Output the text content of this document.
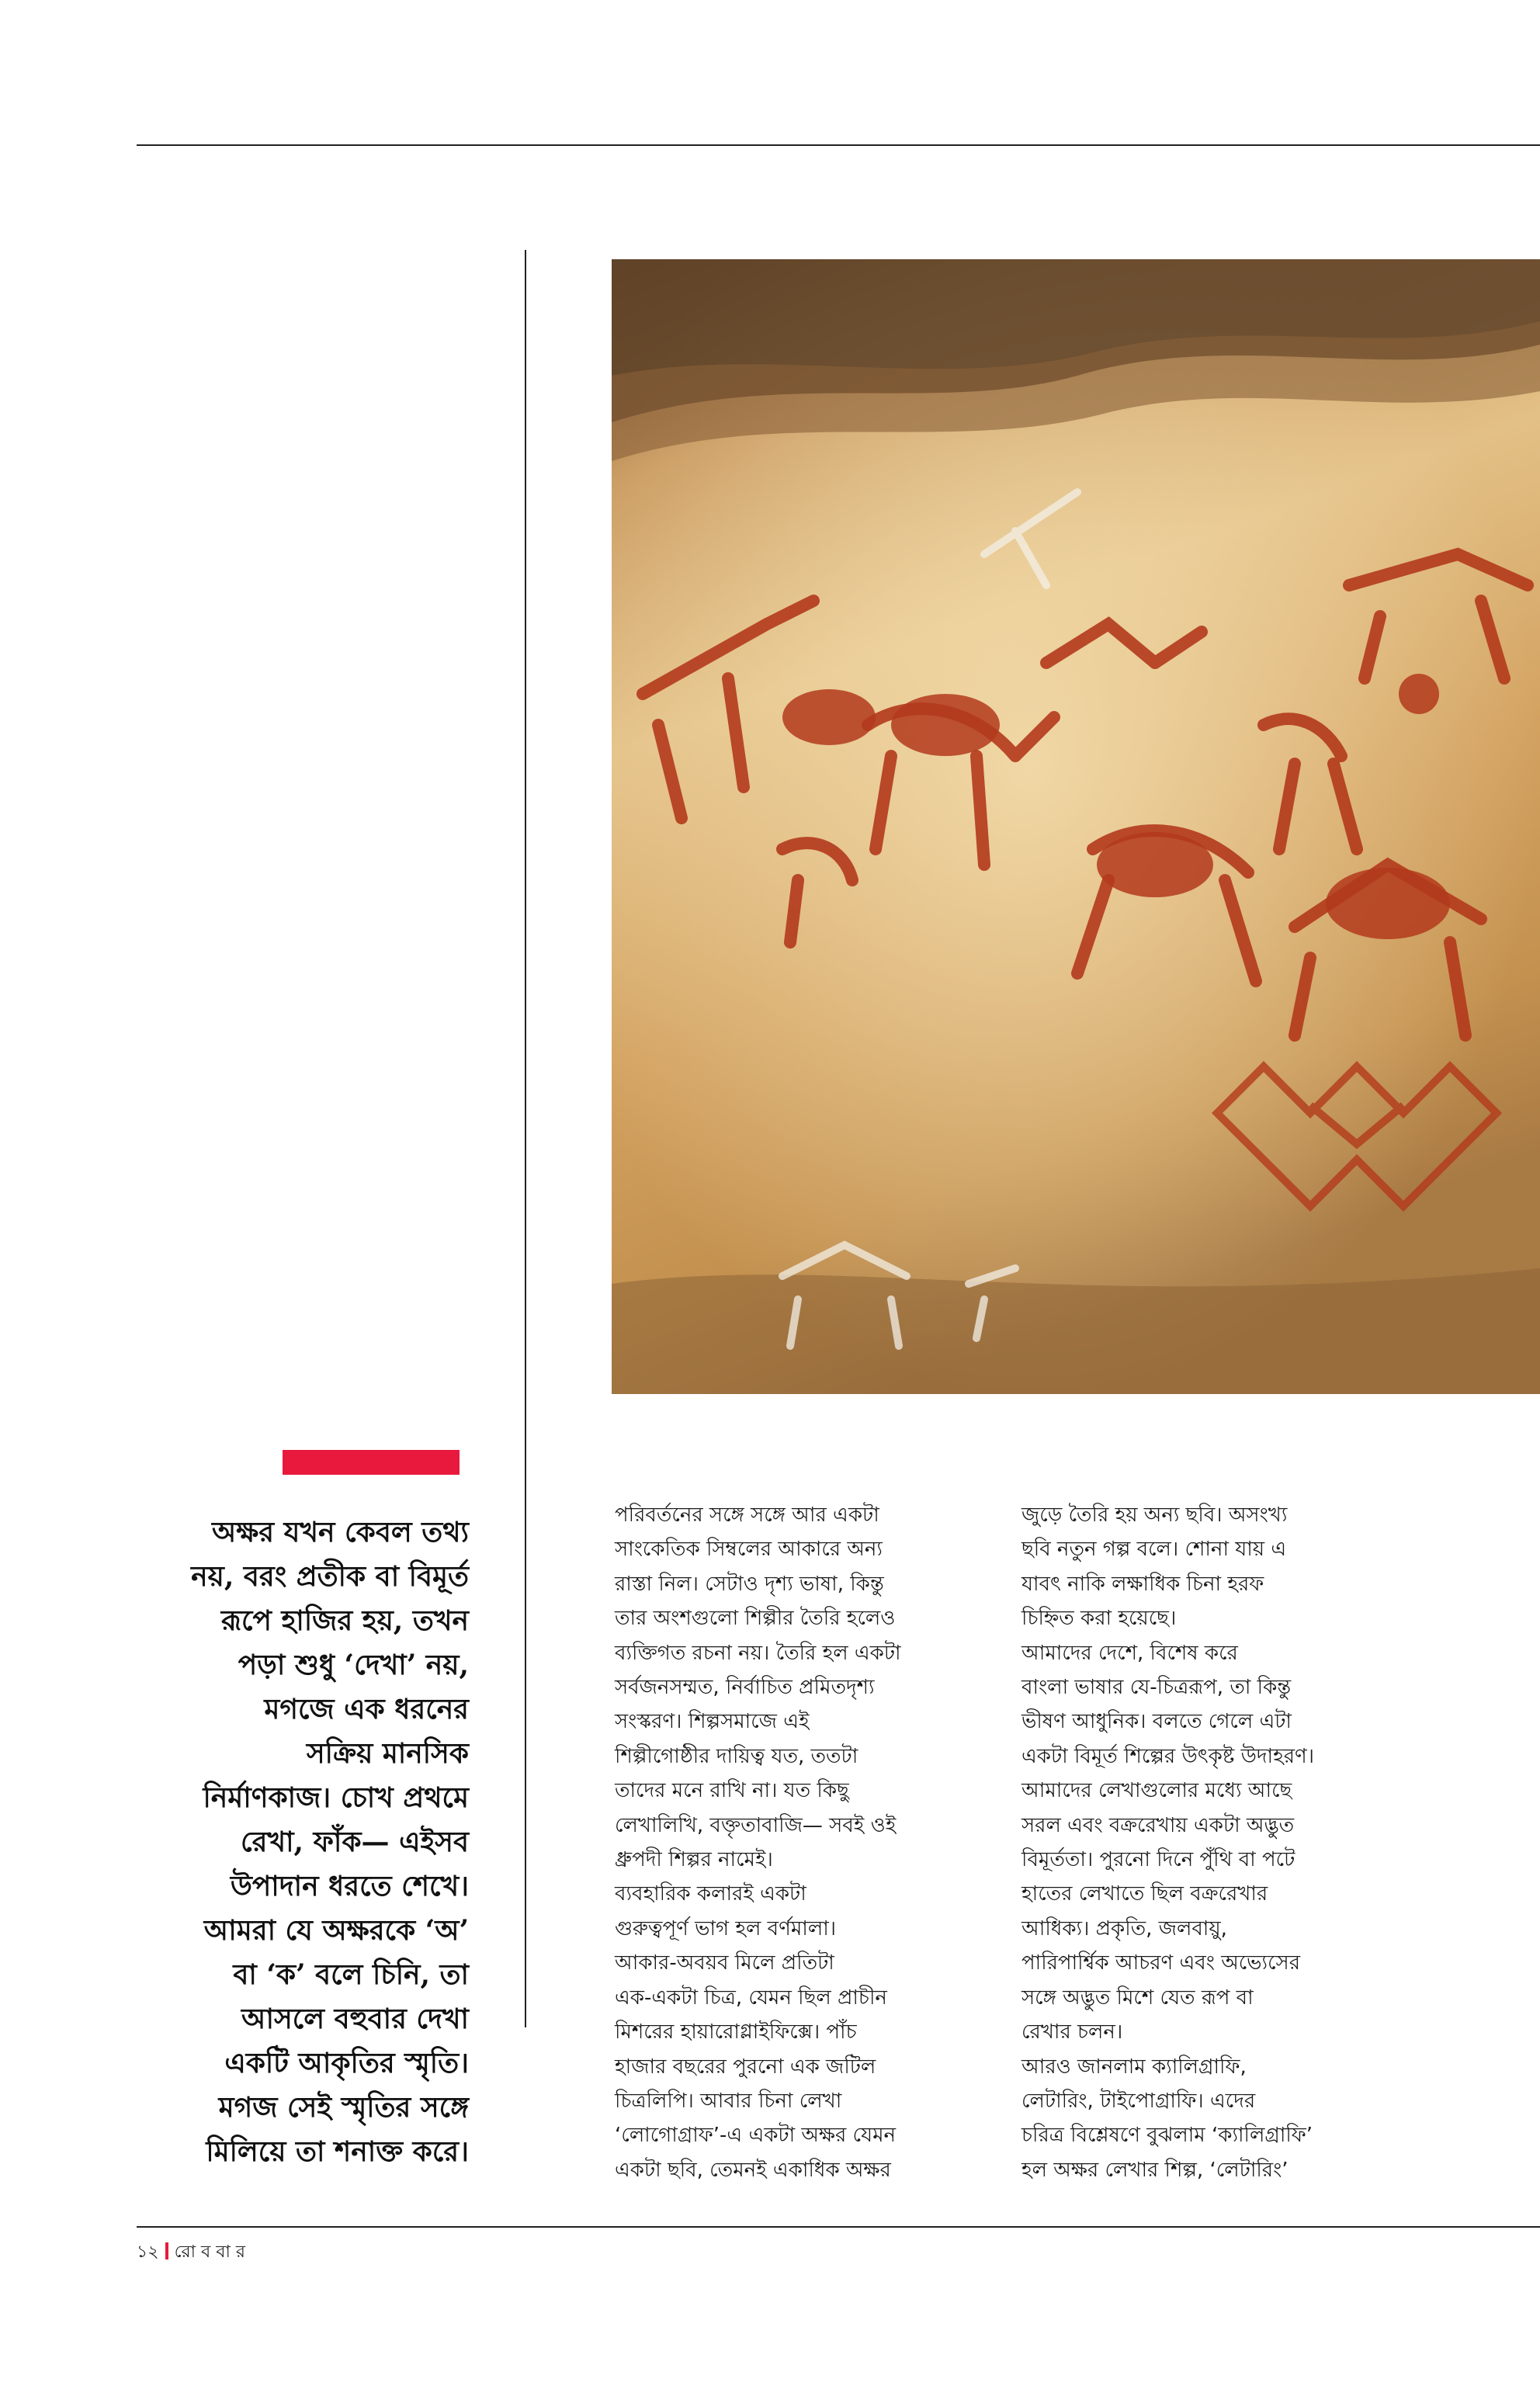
অক্ষর যখন কেবল তথ্য
নয়, বরং প্রতীক বা বিমূর্ত
রূপে হাজির হয়, তখন
পড়া শুধু ‘দেখা’ নয়,
মগজে এক ধরনের
সক্রিয় মানসিক
নির্মাণকাজ। চোখ প্রথমে
রেখা, ফাঁক— এইসব
উপাদান ধরতে শেখে।
আমরা যে অক্ষরকে ‘অ’
বা ‘ক’ বলে চিনি, তা
আসলে বহুবার দেখা
একটি আকৃতির স্মৃতি।
মগজ সেই স্মৃতির সঙ্গে
মিলিয়ে তা শনাক্ত করে।
পরিবর্তনের সঙ্গে সঙ্গে আর একটা
সাংকেতিক সিম্বলের আকারে অন্য
রাস্তা নিল। সেটাও দৃশ্য ভাষা, কিন্তু
তার অংশগুলো শিল্পীর তৈরি হলেও
ব্যক্তিগত রচনা নয়। তৈরি হল একটা
সর্বজনসম্মত, নির্বাচিত প্রমিতদৃশ্য
সংস্করণ। শিল্পসমাজে এই
শিল্পীগোষ্ঠীর দায়িত্ব যত, ততটা
তাদের মনে রাখি না। যত কিছু
লেখালিখি, বক্তৃতাবাজি— সবই ওই
ধ্রুপদী শিল্পর নামেই।
ব্যবহারিক কলারই একটা
গুরুত্বপূর্ণ ভাগ হল বর্ণমালা।
আকার-অবয়ব মিলে প্রতিটা
এক-একটা চিত্র, যেমন ছিল প্রাচীন
মিশরের হায়ারোগ্লাইফিক্সে। পাঁচ
হাজার বছরের পুরনো এক জটিল
চিত্রলিপি। আবার চিনা লেখা
‘লোগোগ্রাফ’-এ একটা অক্ষর যেমন
একটা ছবি, তেমনই একাধিক অক্ষর
জুড়ে তৈরি হয় অন্য ছবি। অসংখ্য
ছবি নতুন গল্প বলে। শোনা যায় এ
যাবৎ নাকি লক্ষাধিক চিনা হরফ
চিহ্নিত করা হয়েছে।
আমাদের দেশে, বিশেষ করে
বাংলা ভাষার যে-চিত্ররূপ, তা কিন্তু
ভীষণ আধুনিক। বলতে গেলে এটা
একটা বিমূর্ত শিল্পের উৎকৃষ্ট উদাহরণ।
আমাদের লেখাগুলোর মধ্যে আছে
সরল এবং বক্ররেখায় একটা অদ্ভুত
বিমূর্ততা। পুরনো দিনে পুঁথি বা পটে
হাতের লেখাতে ছিল বক্ররেখার
আধিক্য। প্রকৃতি, জলবায়ু,
পারিপার্শ্বিক আচরণ এবং অভ্যেসের
সঙ্গে অদ্ভুত মিশে যেত রূপ বা
রেখার চলন।
আরও জানলাম ক্যালিগ্রাফি,
লেটারিং, টাইপোগ্রাফি। এদের
চরিত্র বিশ্লেষণে বুঝলাম ‘ক্যালিগ্রাফি’
হল অক্ষর লেখার শিল্প, ‘লেটারিং’
১২ রো ব বা র
